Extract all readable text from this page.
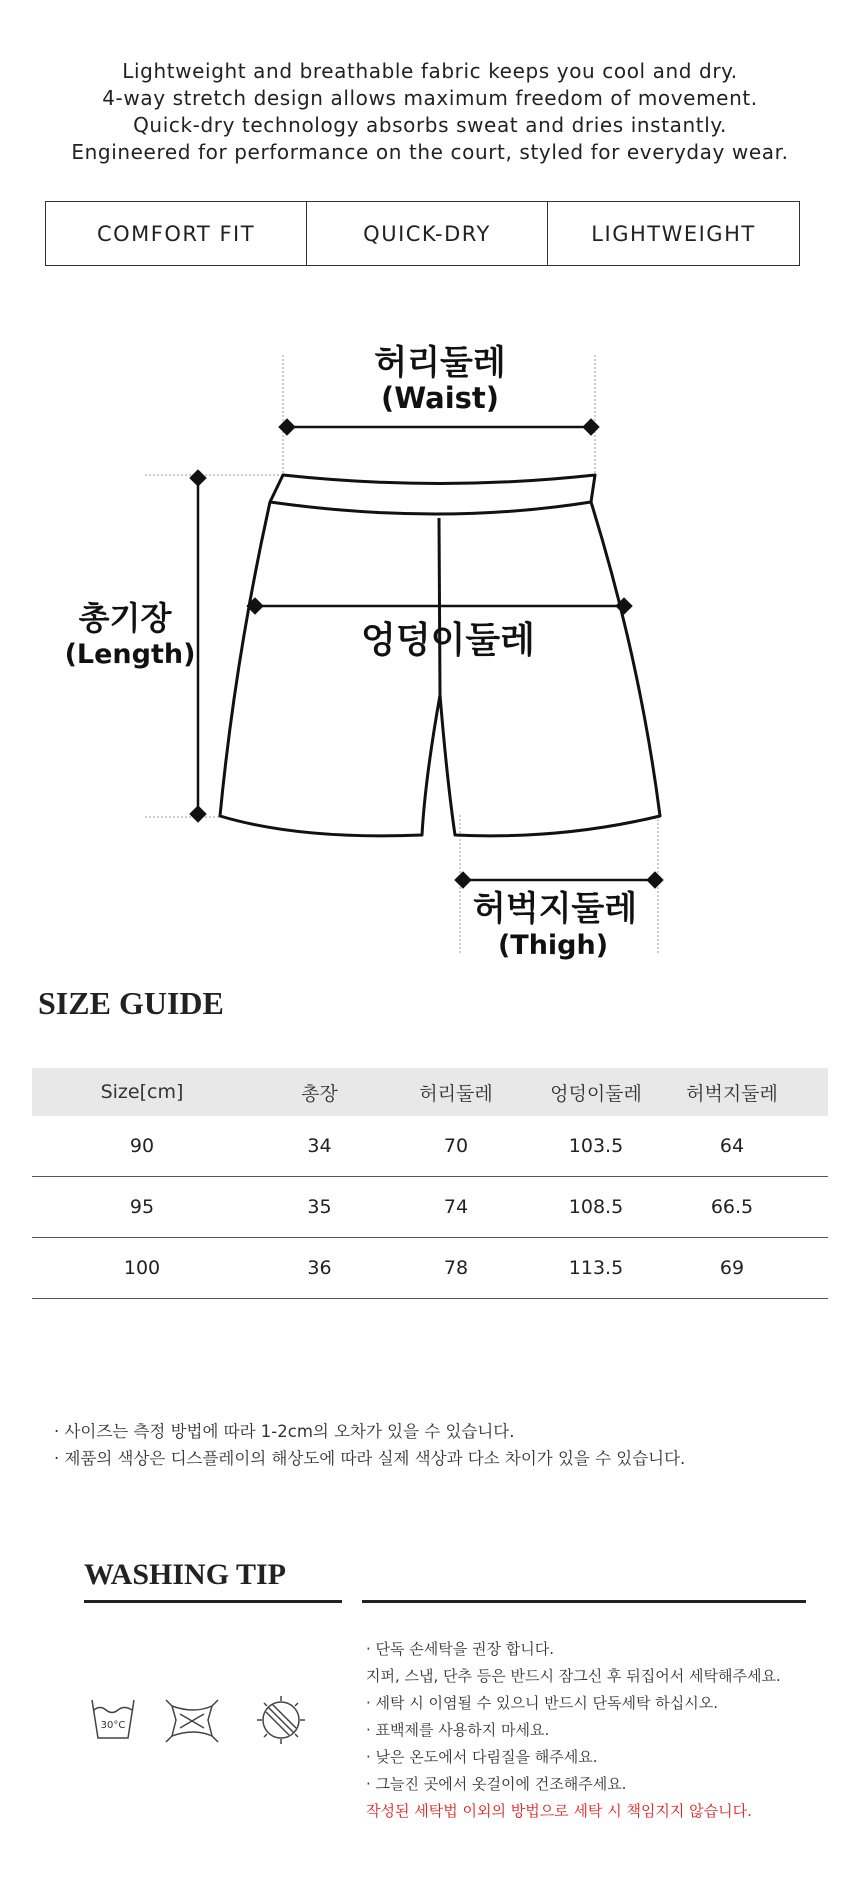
Lightweight and breathable fabric keeps you cool and dry.
4-way stretch design allows maximum freedom of movement.
Quick-dry technology absorbs sweat and dries instantly.
Engineered for performance on the court, styled for everyday wear.
COMFORT FIT	QUICK-DRY	LIGHTWEIGHT
허리둘레
(Waist)
총기장
(Length)	엉덩이둘레
허벅지둘레
(Thigh)
SIZE GUIDE
Size[cm]	총장	허리둘레	엉덩이둘레	허벅지둘레
90	34	70	103.5	64
95	35	74	108.5	66.5
100	36	78	113.5	69
· 사이즈는 측정 방법에 따라 1-2cm의 오차가 있을 수 있습니다.
· 제품의 색상은 디스플레이의 해상도에 따라 실제 색상과 다소 차이가 있을 수 있습니다.
WASHING TIP
30°C
· 단독 손세탁을 권장 합니다.
지퍼, 스냅, 단추 등은 반드시 잠그신 후 뒤집어서 세탁해주세요.
· 세탁 시 이염될 수 있으니 반드시 단독세탁 하십시오.
· 표백제를 사용하지 마세요.
· 낮은 온도에서 다림질을 해주세요.
· 그늘진 곳에서 옷걸이에 건조해주세요.
작성된 세탁법 이외의 방법으로 세탁 시 책임지지 않습니다.
